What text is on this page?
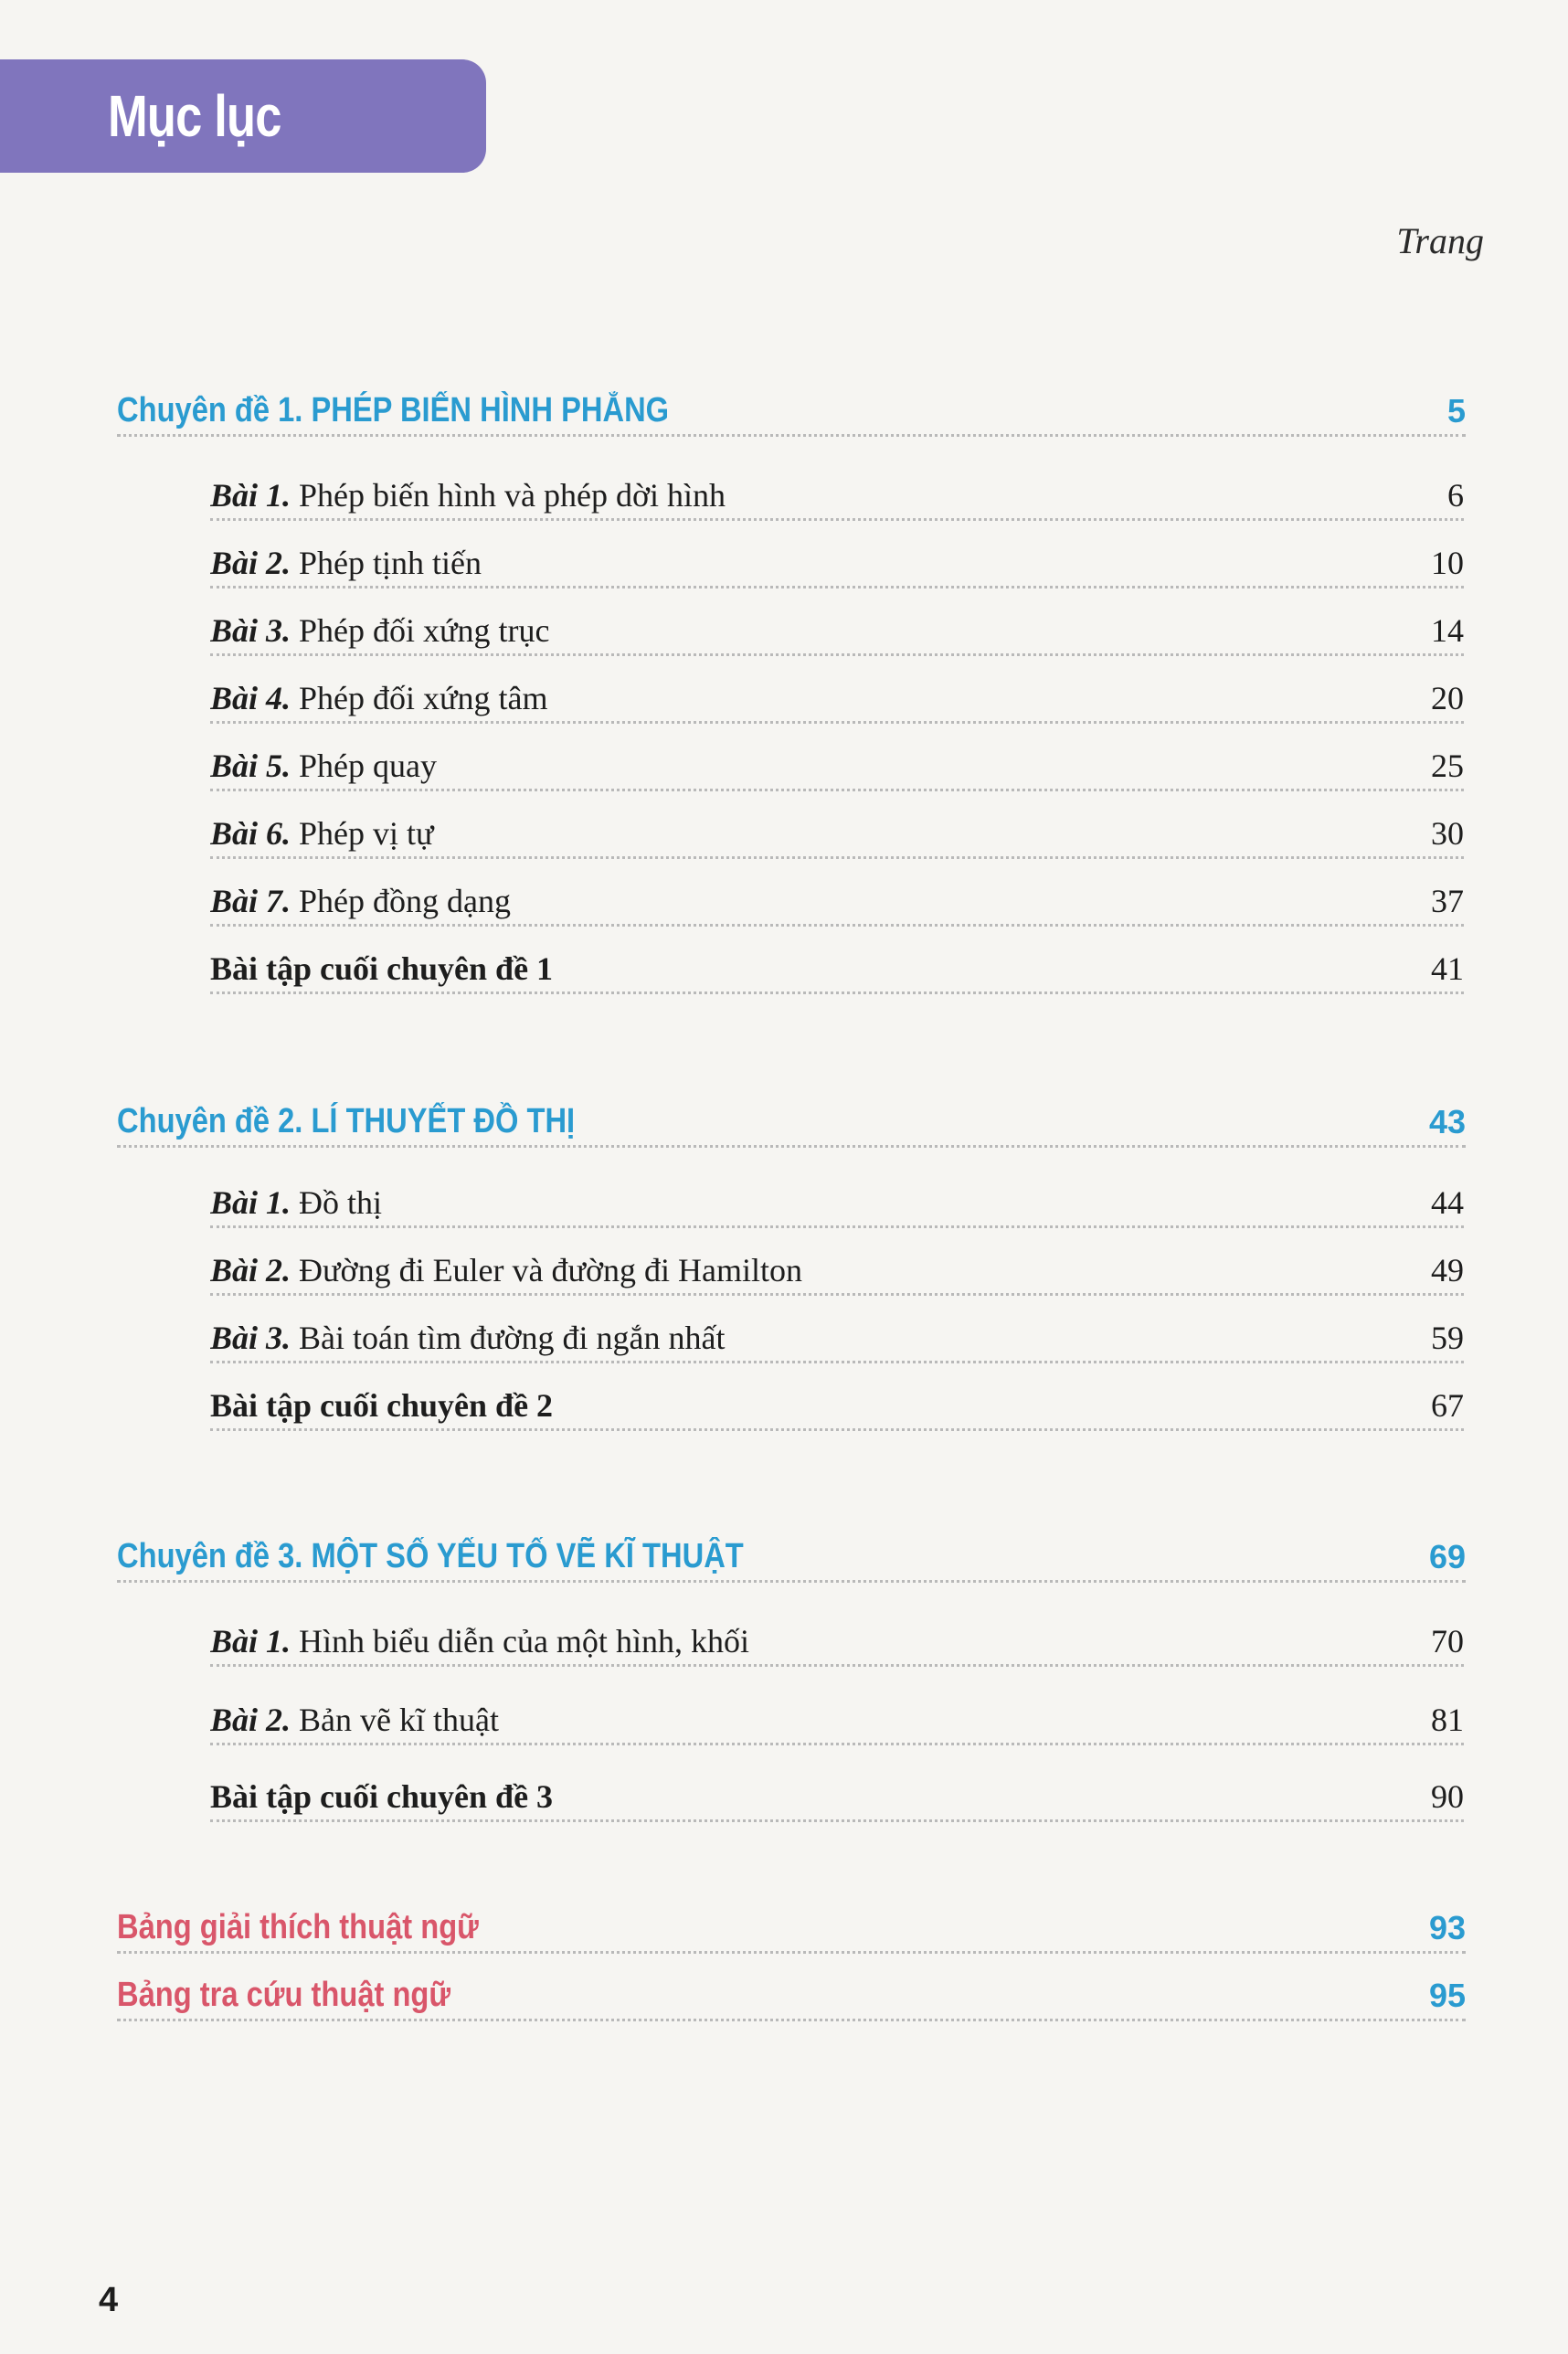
Mục lục
Trang
Chuyên đề 1. PHÉP BIẾN HÌNH PHẲNG	5
Bài 1. Phép biến hình và phép dời hình	6
Bài 2. Phép tịnh tiến	10
Bài 3. Phép đối xứng trục	14
Bài 4. Phép đối xứng tâm	20
Bài 5. Phép quay	25
Bài 6. Phép vị tự	30
Bài 7. Phép đồng dạng	37
Bài tập cuối chuyên đề 1	41
Chuyên đề 2. LÍ THUYẾT ĐỒ THỊ	43
Bài 1. Đồ thị	44
Bài 2. Đường đi Euler và đường đi Hamilton	49
Bài 3. Bài toán tìm đường đi ngắn nhất	59
Bài tập cuối chuyên đề 2	67
Chuyên đề 3. MỘT SỐ YẾU TỐ VẼ KĨ THUẬT	69
Bài 1. Hình biểu diễn của một hình, khối	70
Bài 2. Bản vẽ kĩ thuật	81
Bài tập cuối chuyên đề 3	90
Bảng giải thích thuật ngữ	93
Bảng tra cứu thuật ngữ	95
4
